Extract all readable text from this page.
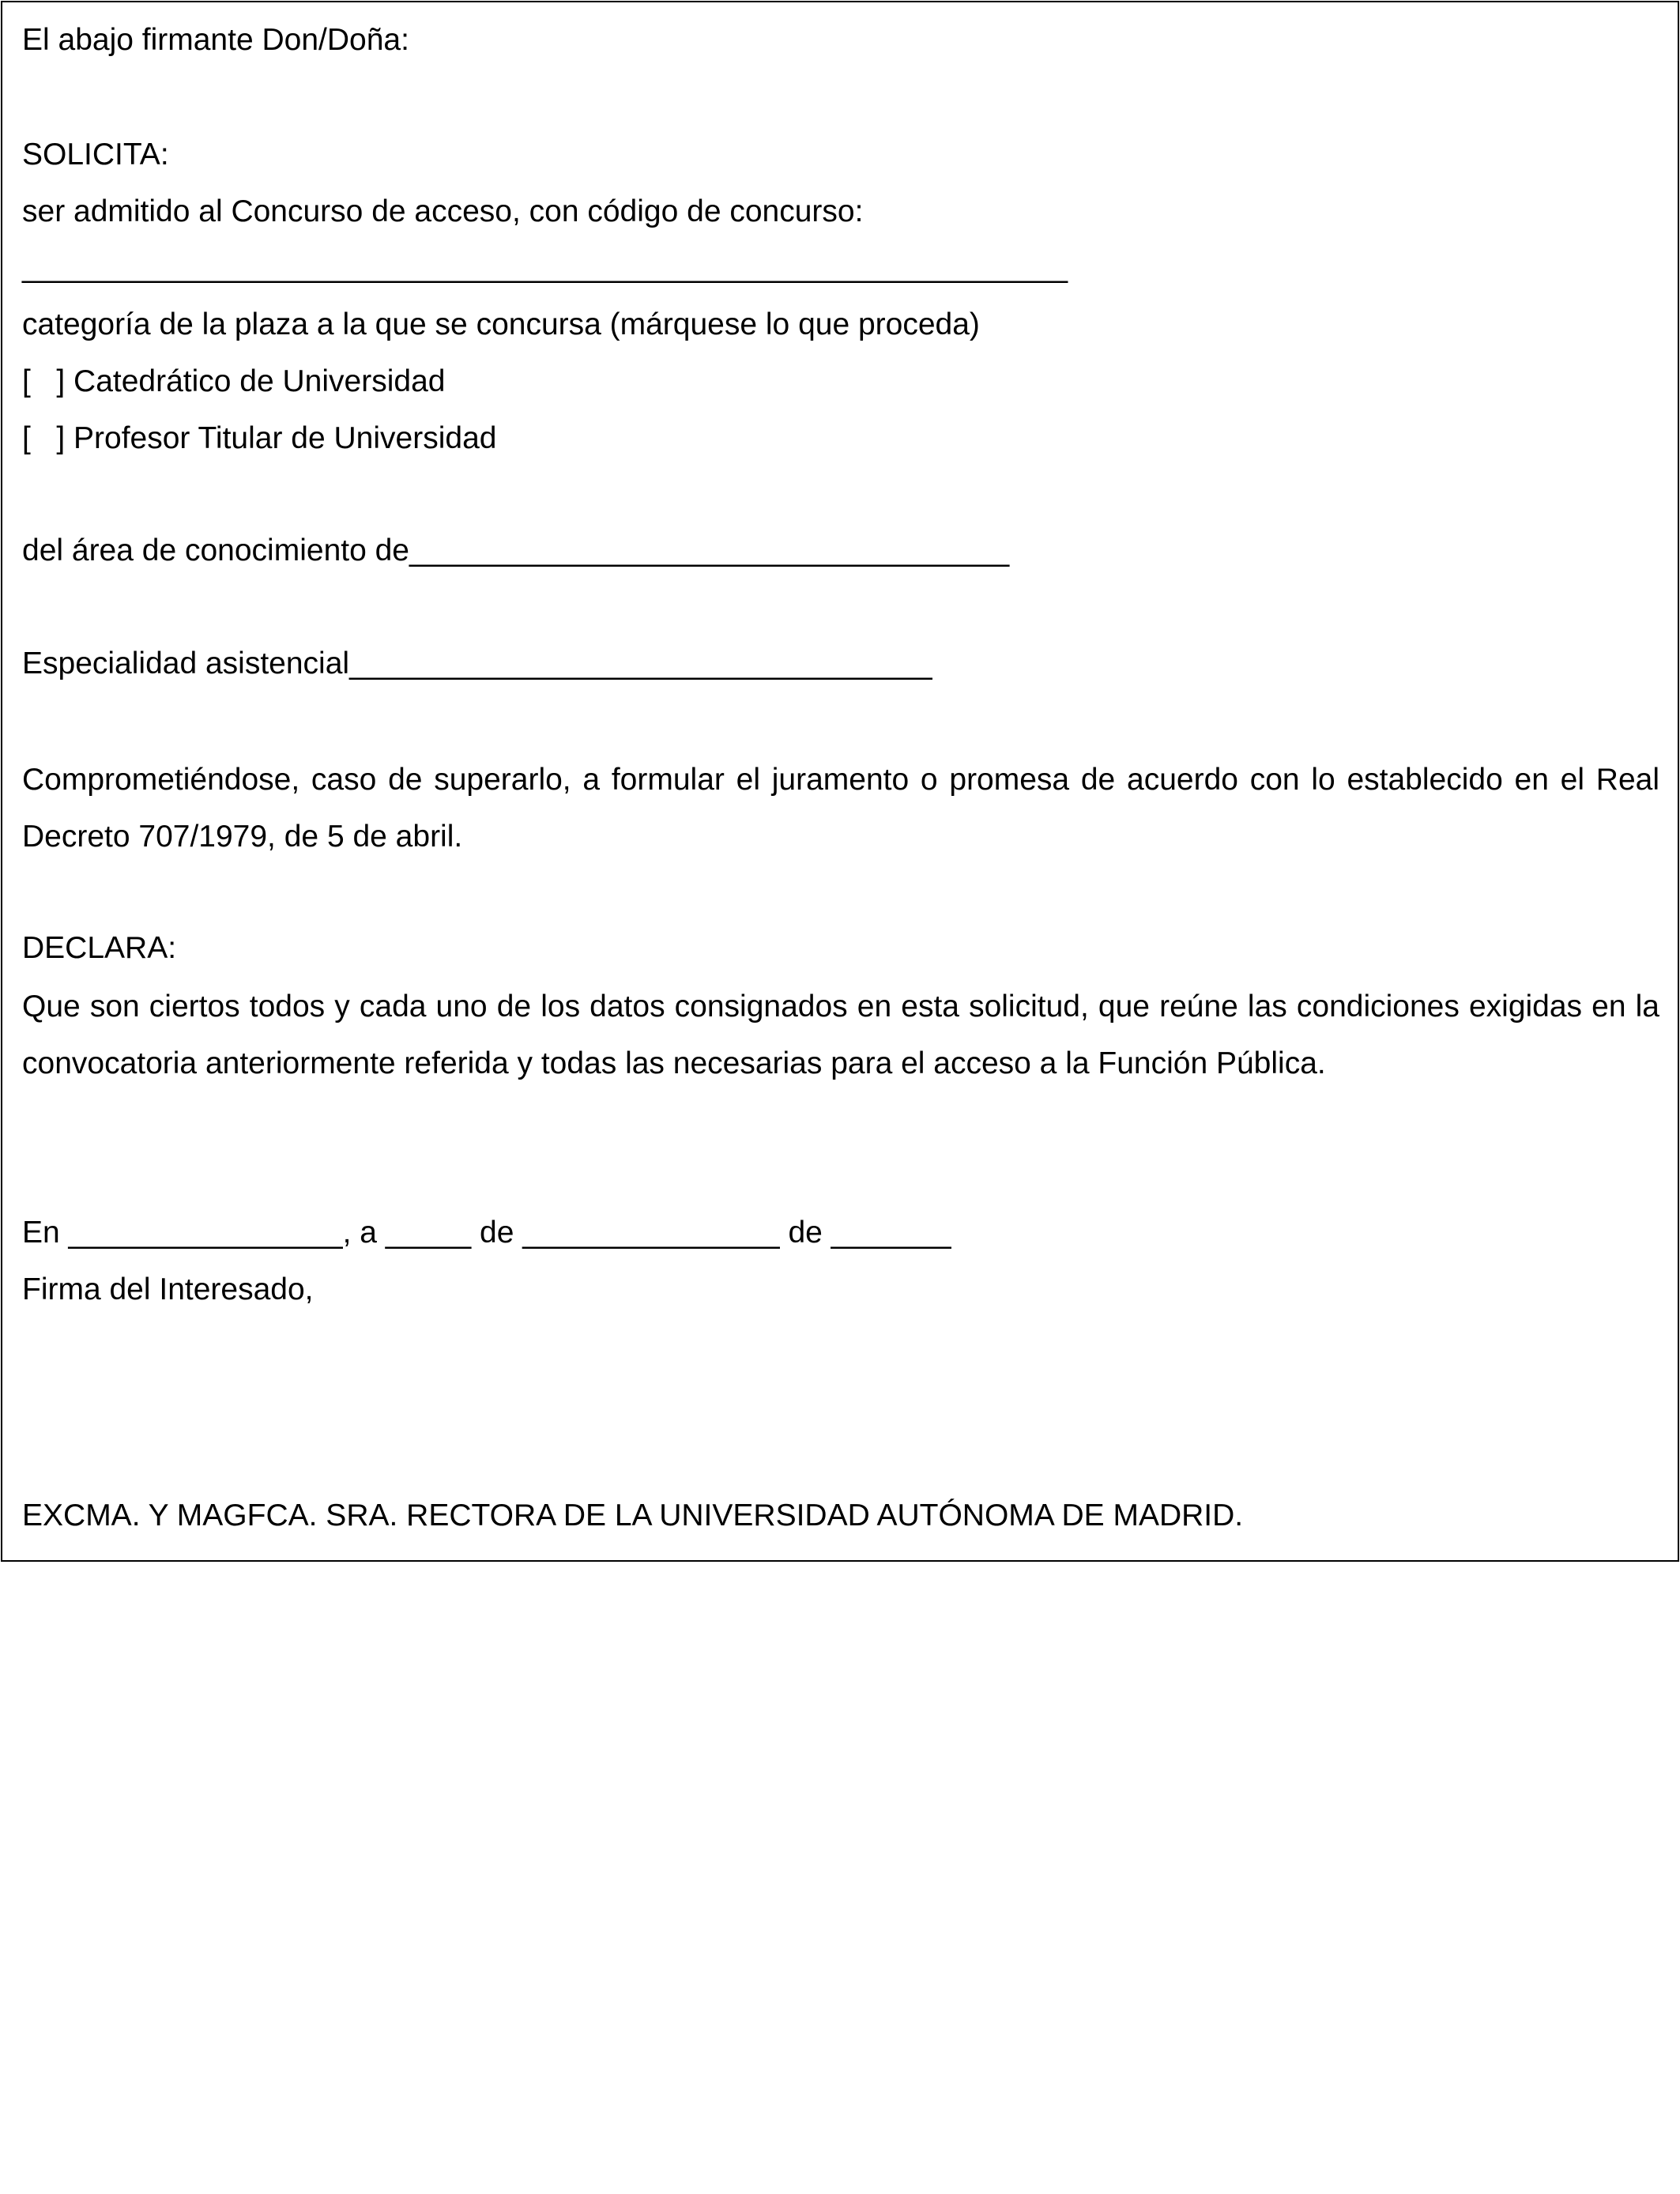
El abajo firmante Don/Doña:

SOLICITA:

ser admitido al Concurso de acceso, con código de concurso:

_____________________________________________________________

categoría de la plaza a la que se concursa (márquese lo que proceda)

[   ] Catedrático de Universidad

[   ] Profesor Titular de Universidad

del área de conocimiento de___________________________________

Especialidad asistencial__________________________________

Comprometiéndose, caso de superarlo, a formular el juramento o promesa de acuerdo con lo establecido en el Real Decreto 707/1979, de 5 de abril.

DECLARA:

Que son ciertos todos y cada uno de los datos consignados en esta solicitud, que reúne las condiciones exigidas en la convocatoria anteriormente referida y todas las necesarias para el acceso a la Función Pública.

En ________________, a _____ de _______________ de _______

Firma del Interesado,

EXCMA. Y MAGFCA. SRA. RECTORA DE LA UNIVERSIDAD AUTÓNOMA DE MADRID.
